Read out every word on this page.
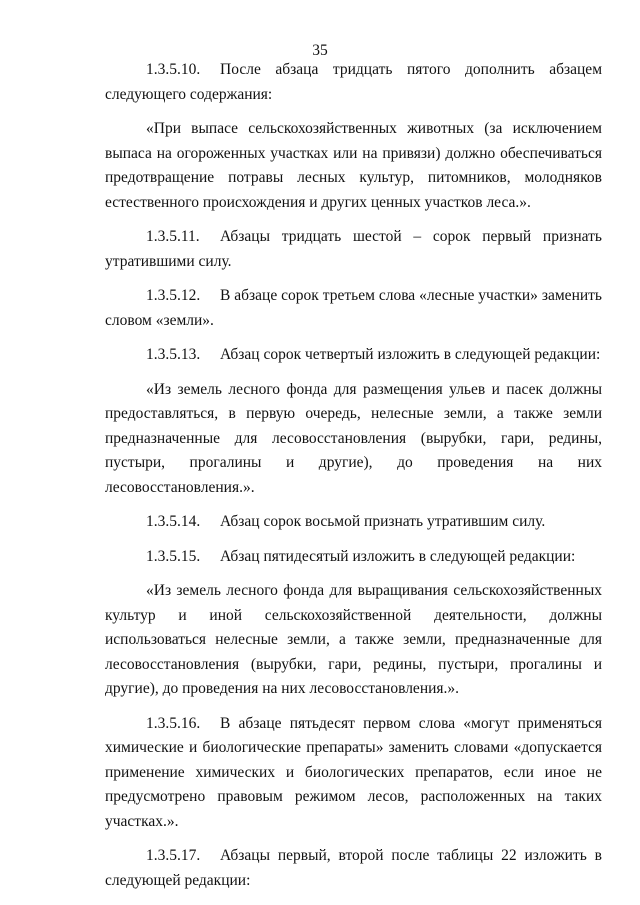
35

1.3.5.10. После абзаца тридцать пятого дополнить абзацем следующего содержания:

«При выпасе сельскохозяйственных животных (за исключением выпаса на огороженных участках или на привязи) должно обеспечиваться предотвращение потравы лесных культур, питомников, молодняков естественного происхождения и других ценных участков леса.».

1.3.5.11. Абзацы тридцать шестой – сорок первый признать утратившими силу.

1.3.5.12. В абзаце сорок третьем слова «лесные участки» заменить словом «земли».

1.3.5.13. Абзац сорок четвертый изложить в следующей редакции:

«Из земель лесного фонда для размещения ульев и пасек должны предоставляться, в первую очередь, нелесные земли, а также земли предназначенные для лесовосстановления (вырубки, гари, редины, пустыри, прогалины и другие), до проведения на них лесовосстановления.».

1.3.5.14. Абзац сорок восьмой признать утратившим силу.

1.3.5.15. Абзац пятидесятый изложить в следующей редакции:

«Из земель лесного фонда для выращивания сельскохозяйственных культур и иной сельскохозяйственной деятельности, должны использоваться нелесные земли, а также земли, предназначенные для лесовосстановления (вырубки, гари, редины, пустыри, прогалины и другие), до проведения на них лесовосстановления.».

1.3.5.16. В абзаце пятьдесят первом слова «могут применяться химические и биологические препараты» заменить словами «допускается применение химических и биологических препаратов, если иное не предусмотрено правовым режимом лесов, расположенных на таких участках.».

1.3.5.17. Абзацы первый, второй после таблицы 22 изложить в следующей редакции:
